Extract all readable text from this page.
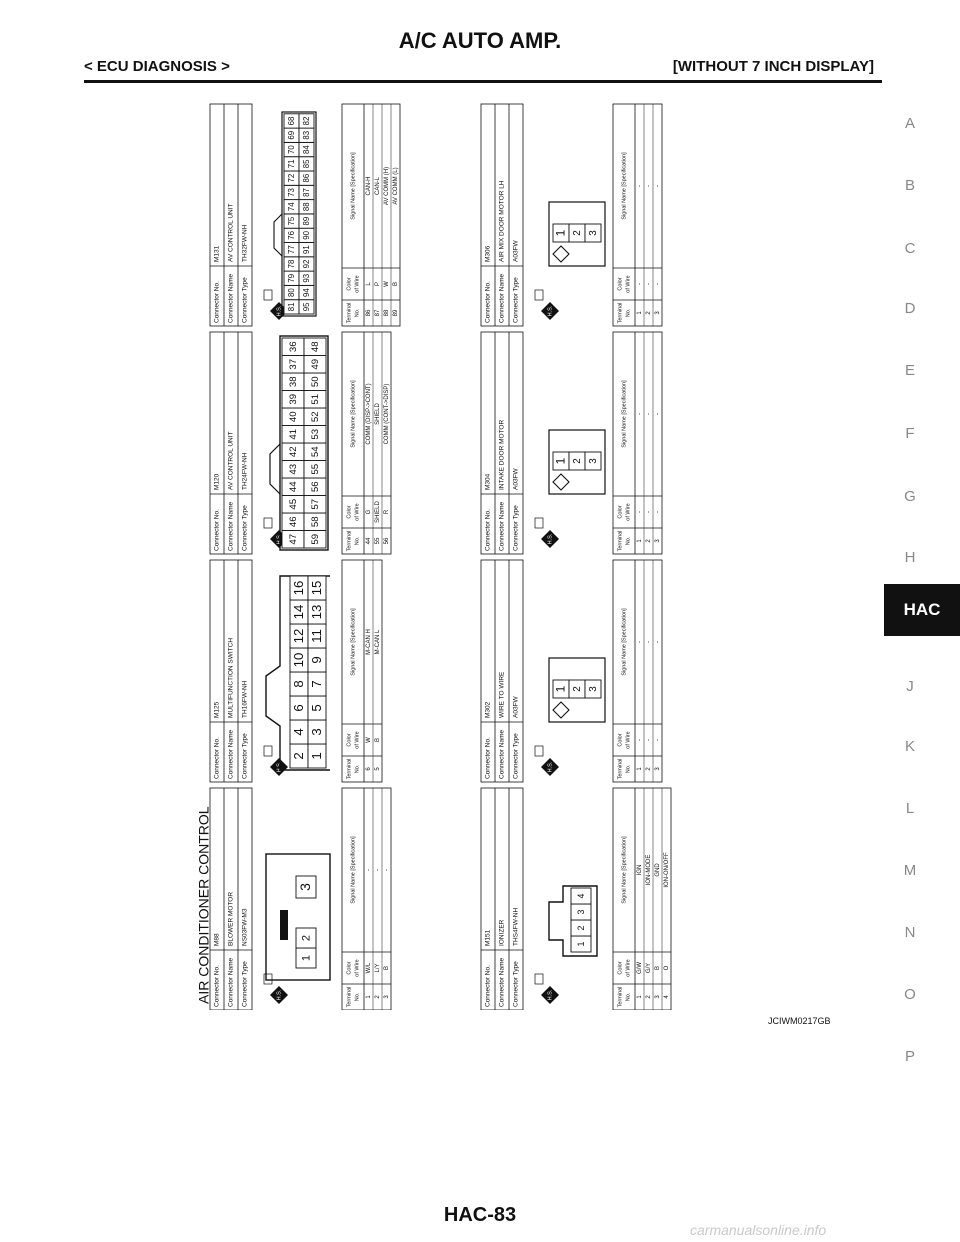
A/C AUTO AMP.
< ECU DIAGNOSIS >	[WITHOUT 7 INCH DISPLAY]
A
B
C
D
E
F
G
H
HAC
J
K
L
M
N
O
P
AIR CONDITIONER CONTROL Connector No. Connector Name Connector Type
M88 BLOWER MOTOR NS03FW-M3
H.S.
1
2
3
Terminal No.
Color of Wire
Signal Name [Specification]
1
W/L
-
2
L/Y
-
3
B
-
Connector No. Connector Name Connector Type
M125 MULTIFUNCTION SWITCH TH16FW-NH
H.S.
2
4
6
8
10
12
14
16
1
3
5
7
9
11
13
15
Terminal No.
Color of Wire
Signal Name [Specification]
6
W
M-CAN H
5
B
M-CAN L
Connector No. Connector Name Connector Type
M120 AV CONTROL UNIT TH24FW-NH
H.S. 47
46
45
44
43
42
41
40
39
38
37
36
59
58
57
56
55
54
53
52
51
50
49
48
Terminal No.
Color of Wire
Signal Name [Specification]
44
G
COMM (DISP->CONT)
55
SHIELD
SHIELD
56
R
COMM (CONT->DISP)
Connector No. Connector Name Connector Type
M131 AV CONTROL UNIT TH32FW-NH
H.S. 81
80
79
78
77
76
75
74
73
72
71
70
69
68
95
94
93
92
91
90
89
88
87
86
85
84
83
82
Terminal No.
Color of Wire
Signal Name [Specification]
86
L
CAN-H
87
P
CAN-L
88
W
AV COMM (H)
89
B
AV COMM (L)
Connector No. Connector Name Connector Type
M151 IONIZER THS4FW-NH
H.S.
1
2
3
4
Terminal No.
Color of Wire
Signal Name [Specification]
1
G/W
IGN
2
G/Y
ION-MODE
3
B
GND
4
O
ION-ON/OFF
Connector No. Connector Name Connector Type
M302 WIRE TO WIRE A03FW
H.S.
1 2 3
Terminal No.
Color of Wire
Signal Name [Specification]
1
-
-
2
-
-
3
-
-
Connector No. Connector Name Connector Type
M304 INTAKE DOOR MOTOR A03FW
H.S.
1 2 3
Terminal No.
Color of Wire
Signal Name [Specification]
1
-
-
2
-
-
3
-
-
Connector No. Connector Name Connector Type
M306 AIR MIX DOOR MOTOR LH A03FW
H.S.
1 2 3
Terminal No.
Color of Wire
Signal Name [Specification]
1
-
-
2
-
-
3
-
-
JCIWM0217GB
HAC-83
carmanualsonline.info
